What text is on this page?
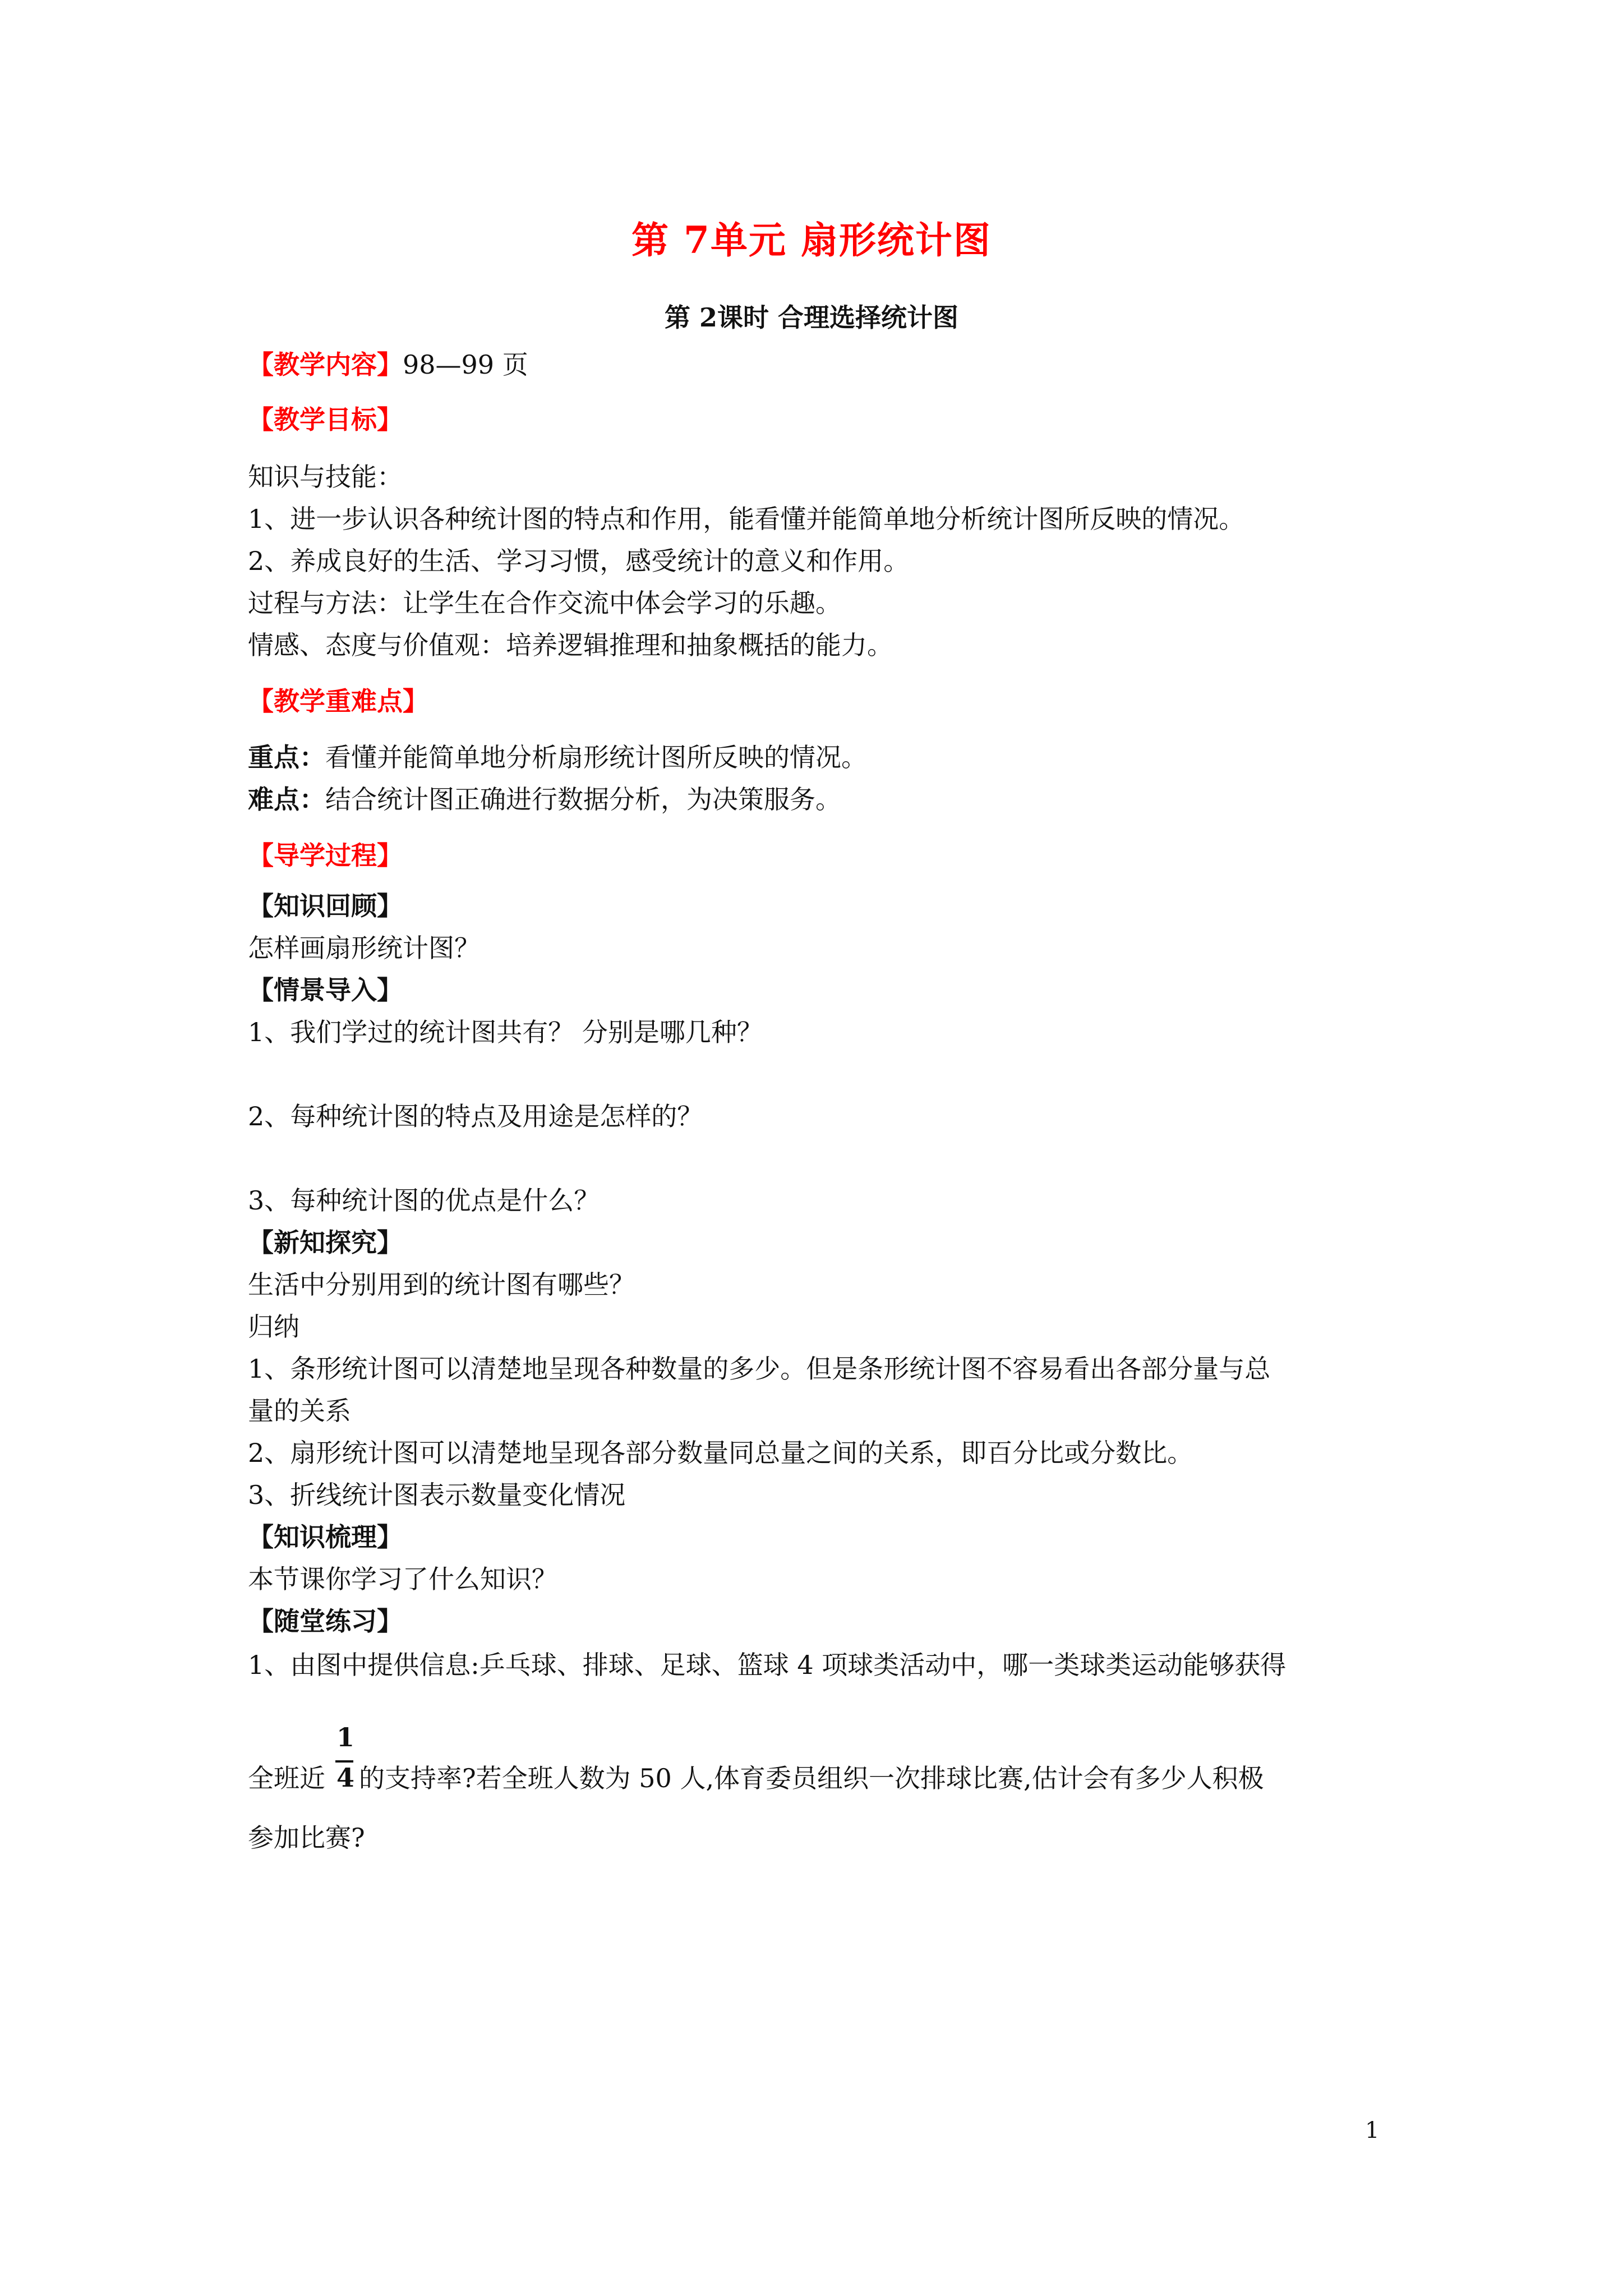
第 7单元 扇形统计图
第 2课时 合理选择统计图
【教学内容】98—99 页
【教学目标】
知识与技能：
1、进一步认识各种统计图的特点和作用，能看懂并能简单地分析统计图所反映的情况。
2、养成良好的生活、学习习惯，感受统计的意义和作用。
过程与方法：让学生在合作交流中体会学习的乐趣。
情感、态度与价值观：培养逻辑推理和抽象概括的能力。
【教学重难点】
重点：看懂并能简单地分析扇形统计图所反映的情况。
难点：结合统计图正确进行数据分析，为决策服务。
【导学过程】
【知识回顾】
怎样画扇形统计图？
【情景导入】
1、我们学过的统计图共有？ 分别是哪几种？
2、每种统计图的特点及用途是怎样的？
3、每种统计图的优点是什么？
【新知探究】
生活中分别用到的统计图有哪些？
归纳
1、条形统计图可以清楚地呈现各种数量的多少。但是条形统计图不容易看出各部分量与总
量的关系
2、扇形统计图可以清楚地呈现各部分数量同总量之间的关系，即百分比或分数比。
3、折线统计图表示数量变化情况
【知识梳理】
本节课你学习了什么知识？
【随堂练习】
1、由图中提供信息:乒乓球、排球、足球、篮球 4 项球类活动中，哪一类球类运动能够获得
1
4
全班近 的支持率?若全班人数为 50 人,体育委员组织一次排球比赛,估计会有多少人积极
参加比赛?
1
